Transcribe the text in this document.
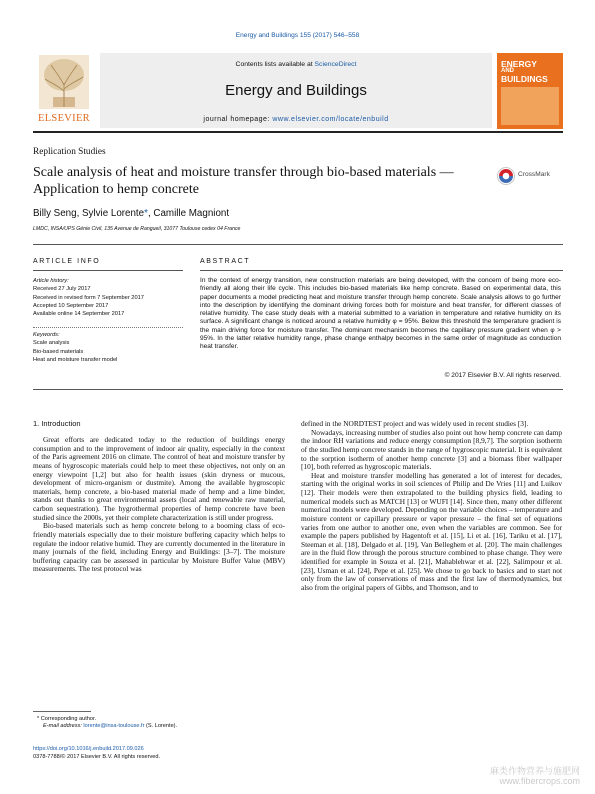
Energy and Buildings 155 (2017) 546–558
ELSEVIER
Contents lists available at ScienceDirect
Energy and Buildings
journal homepage: www.elsevier.com/locate/enbuild
ENERGY
AND
BUILDINGS
Replication Studies
Scale analysis of heat and moisture transfer through bio-based materials — Application to hemp concrete
CrossMark
Billy Seng, Sylvie Lorente*, Camille Magniont
LMDC, INSA/UPS Génie Civil, 135 Avenue de Rangueil, 31077 Toulouse cedex 04 France
ARTICLE INFO	ABSTRACT
Article history:
Received 27 July 2017
Received in revised form 7 September 2017
Accepted 10 September 2017
Available online 14 September 2017
Keywords:
Scale analysis
Bio-based materials
Heat and moisture transfer model
In the context of energy transition, new construction materials are being developed, with the concern of being more eco-friendly all along their life cycle. This includes bio-based materials like hemp concrete. Based on experimental data, this paper documents a model predicting heat and moisture transfer through hemp concrete. Scale analysis allows to go further into the description by identifying the dominant driving forces both for moisture and heat transfer, for different classes of relative humidity. The case study deals with a material submitted to a variation in temperature and relative humidity on its surface. A significant change is noticed around a relative humidity φ = 95%. Below this threshold the temperature gradient is the main driving force for moisture transfer. The dominant mechanism becomes the capillary pressure gradient when φ > 95%. In the latter relative humidity range, phase change enthalpy becomes in the same order of magnitude as conduction heat transfer.
© 2017 Elsevier B.V. All rights reserved.
1. Introduction

Great efforts are dedicated today to the reduction of buildings energy consumption and to the improvement of indoor air quality, especially in the context of the Paris agreement 2016 on climate. The control of heat and moisture transfer by means of hygroscopic materials could help to meet these objectives, not only on an energy viewpoint [1,2] but also for health issues (skin dryness or mucous, development of micro-organism or dustmite). Among the available hygroscopic materials, hemp concrete, a bio-based material made of hemp and a lime binder, stands out thanks to great environmental assets (local and renewable raw material, carbon sequestration). The hygrothermal properties of hemp concrete have been studied since the 2000s, yet their complete characterization is still under progress.

Bio-based materials such as hemp concrete belong to a booming class of eco-friendly materials especially due to their moisture buffering capacity which helps to regulate the indoor relative humid. They are currently documented in the literature in many journals of the field, including Energy and Buildings: [3–7]. The moisture buffering capacity can be assessed in particular by Moisture Buffer Value (MBV) measurements. The test protocol was

defined in the NORDTEST project and was widely used in recent studies [3].

Nowadays, increasing number of studies also point out how hemp concrete can damp the indoor RH variations and reduce energy consumption [8,9,7]. The sorption isotherm of the studied hemp concrete stands in the range of hygroscopic material. It is equivalent to the sorption isotherm of another hemp concrete [3] and a biomass fiber wallpaper [10], both referred as hygroscopic materials.

Heat and moisture transfer modelling has generated a lot of interest for decades, starting with the original works in soil sciences of Philip and De Vries [11] and Luikov [12]. Their models were then extrapolated to the building physics field, leading to numerical models such as MATCH [13] or WUFI [14]. Since then, many other different numerical models were developed. Depending on the variable choices – temperature and moisture content or capillary pressure or vapor pressure – the final set of equations varies from one author to another one, even when the variables are common. See for example the papers published by Hagentoft et al. [15], Li et al. [16], Tariku et al. [17], Steeman et al. [18], Delgado et al. [19], Van Belleghem et al. [20]. The main challenges are in the fluid flow through the porous structure combined to phase change. They were identified for example in Souza et al. [21], Mahablehwar et al. [22], Salimpour et al. [23], Usman et al. [24], Pepe et al. [25]. We chose to go back to basics and to start not only from the law of conservations of mass and the first law of thermodynamics, but also from the original papers of Gibbs, and Thomson, and to

* Corresponding author.
E-mail address: lorente@insa-toulouse.fr (S. Lorente).
https://doi.org/10.1016/j.enbuild.2017.09.026
0378-7788/© 2017 Elsevier B.V. All rights reserved.
麻类作物营养与施肥网
www.fibercrops.com
